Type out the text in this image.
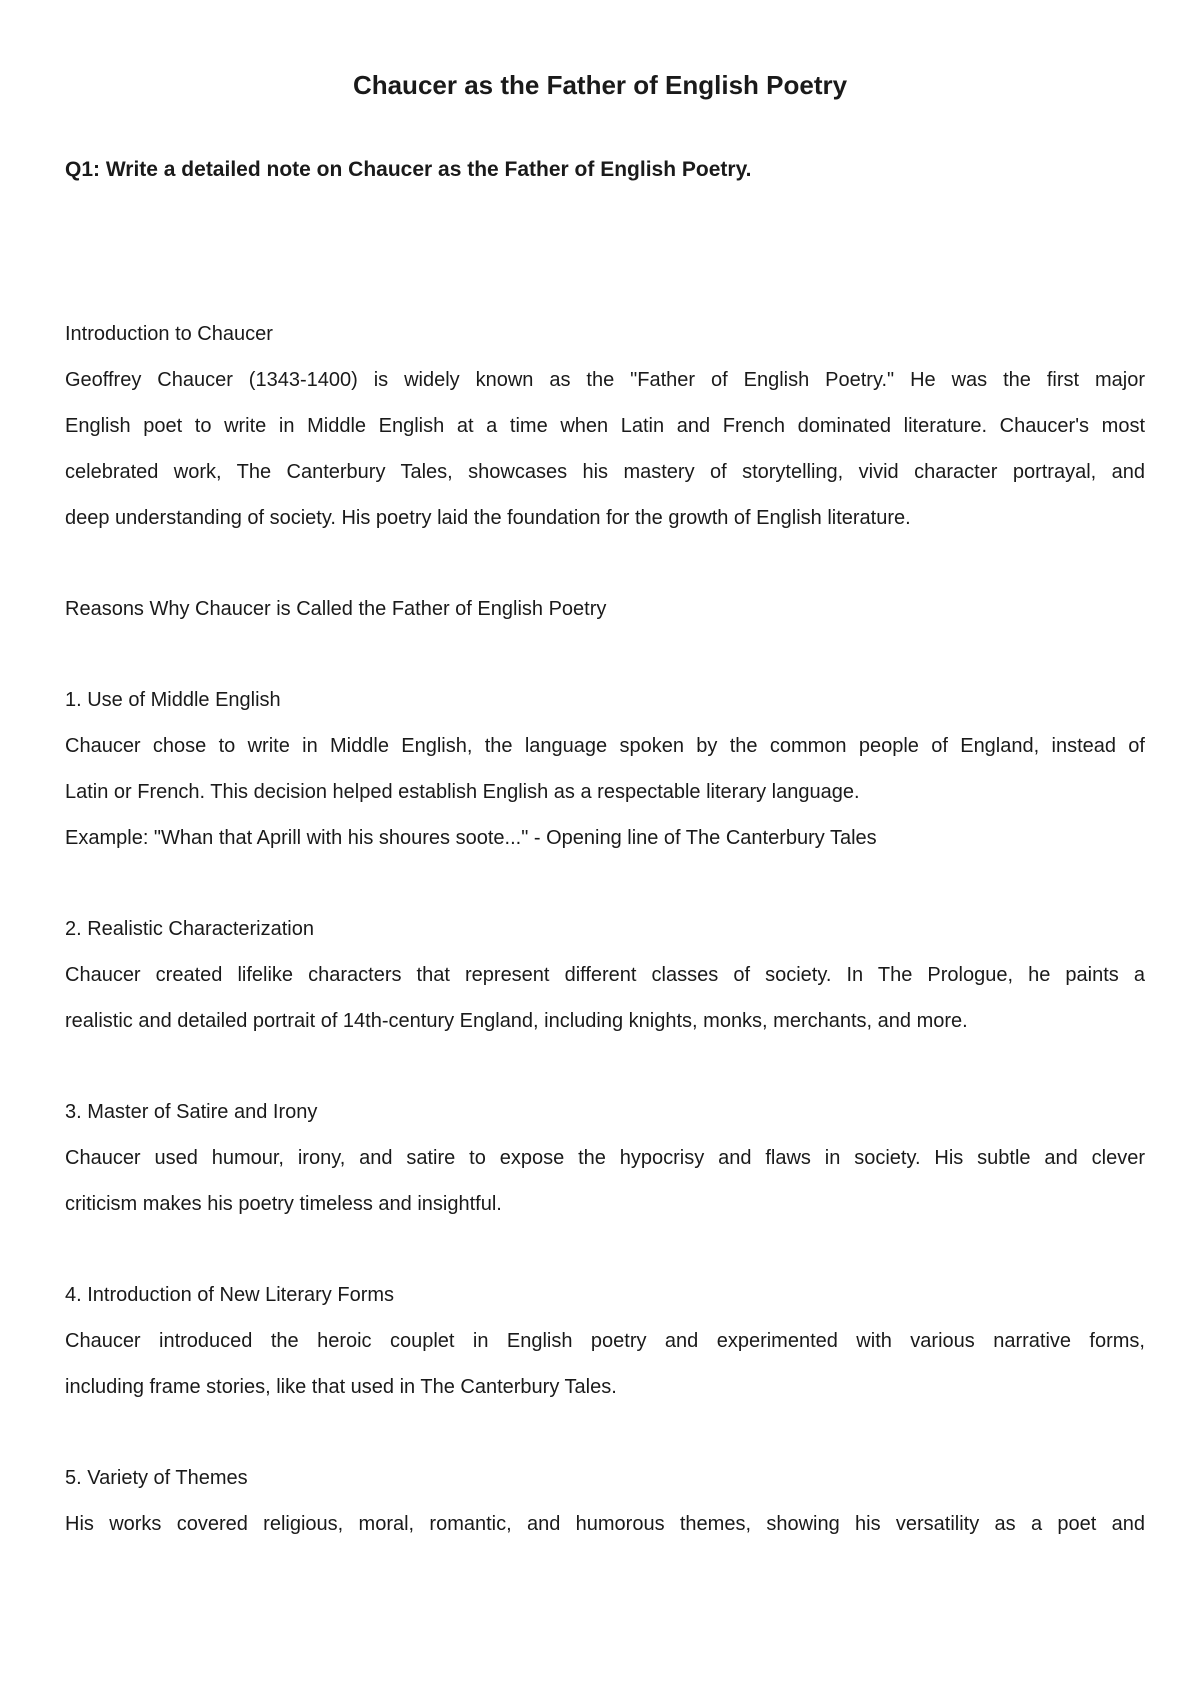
Chaucer as the Father of English Poetry
Q1: Write a detailed note on Chaucer as the Father of English Poetry.
Introduction to Chaucer
Geoffrey Chaucer (1343-1400) is widely known as the "Father of English Poetry." He was the first major
English poet to write in Middle English at a time when Latin and French dominated literature. Chaucer's most
celebrated work, The Canterbury Tales, showcases his mastery of storytelling, vivid character portrayal, and
deep understanding of society. His poetry laid the foundation for the growth of English literature.
Reasons Why Chaucer is Called the Father of English Poetry
1. Use of Middle English
Chaucer chose to write in Middle English, the language spoken by the common people of England, instead of
Latin or French. This decision helped establish English as a respectable literary language.
Example: "Whan that Aprill with his shoures soote..." - Opening line of The Canterbury Tales
2. Realistic Characterization
Chaucer created lifelike characters that represent different classes of society. In The Prologue, he paints a
realistic and detailed portrait of 14th-century England, including knights, monks, merchants, and more.
3. Master of Satire and Irony
Chaucer used humour, irony, and satire to expose the hypocrisy and flaws in society. His subtle and clever
criticism makes his poetry timeless and insightful.
4. Introduction of New Literary Forms
Chaucer introduced the heroic couplet in English poetry and experimented with various narrative forms,
including frame stories, like that used in The Canterbury Tales.
5. Variety of Themes
His works covered religious, moral, romantic, and humorous themes, showing his versatility as a poet and
